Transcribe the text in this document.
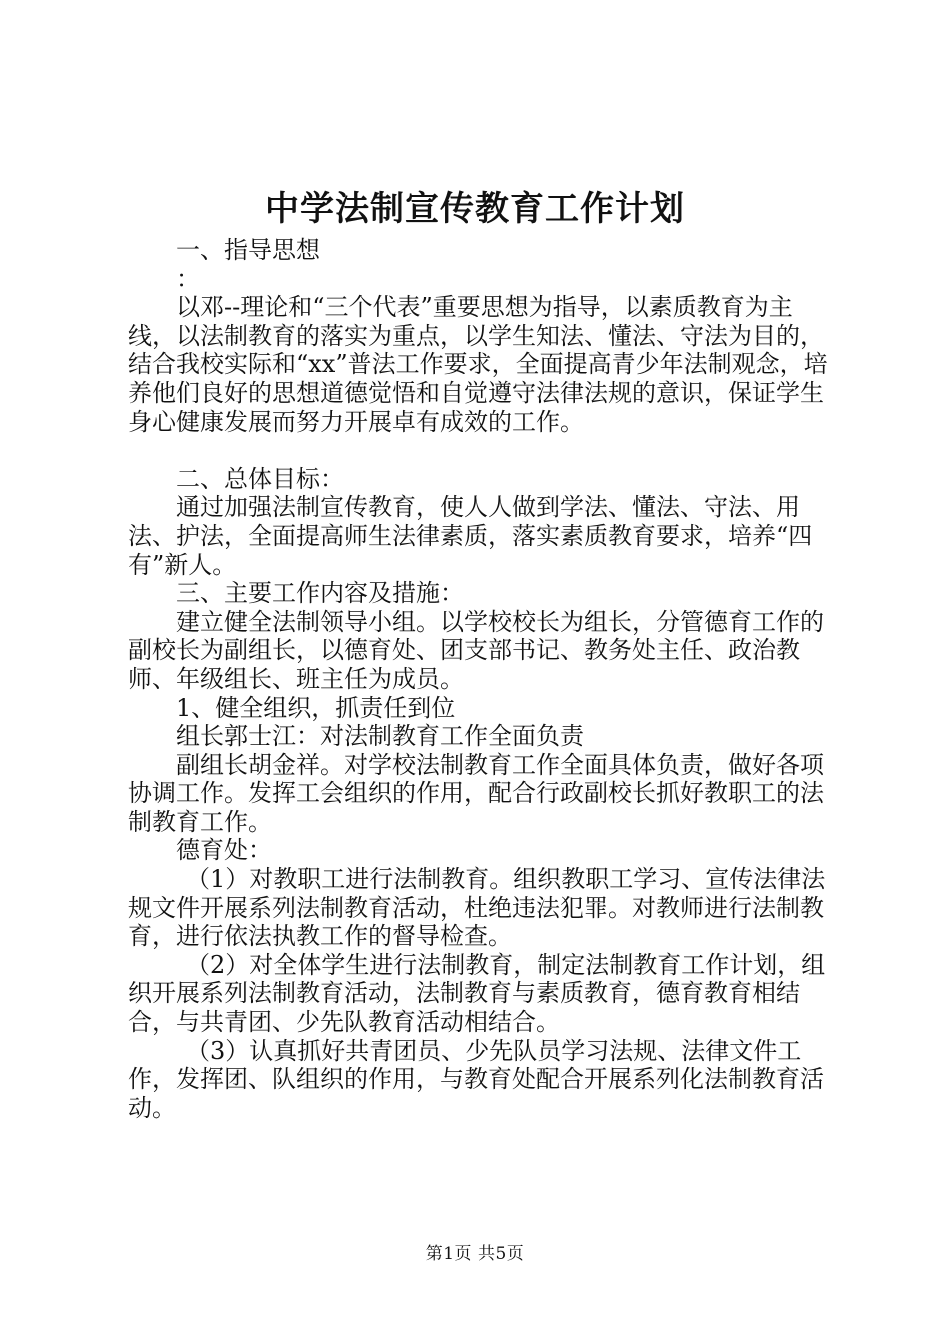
中学法制宣传教育工作计划

一、指导思想

：

以邓--理论和“三个代表”重要思想为指导，以素质教育为主线，以法制教育的落实为重点，以学生知法、懂法、守法为目的，结合我校实际和“xx”普法工作要求，全面提高青少年法制观念，培养他们良好的思想道德觉悟和自觉遵守法律法规的意识，保证学生身心健康发展而努力开展卓有成效的工作。

二、总体目标：

通过加强法制宣传教育，使人人做到学法、懂法、守法、用法、护法，全面提高师生法律素质，落实素质教育要求，培养“四有”新人。

三、主要工作内容及措施：

建立健全法制领导小组。以学校校长为组长，分管德育工作的副校长为副组长，以德育处、团支部书记、教务处主任、政治教师、年级组长、班主任为成员。

1、健全组织，抓责任到位

组长郭士江：对法制教育工作全面负责

副组长胡金祥。对学校法制教育工作全面具体负责，做好各项协调工作。发挥工会组织的作用，配合行政副校长抓好教职工的法制教育工作。

德育处：

（1）对教职工进行法制教育。组织教职工学习、宣传法律法规文件开展系列法制教育活动，杜绝违法犯罪。对教师进行法制教育，进行依法执教工作的督导检查。

（2）对全体学生进行法制教育，制定法制教育工作计划，组织开展系列法制教育活动，法制教育与素质教育，德育教育相结合，与共青团、少先队教育活动相结合。

（3）认真抓好共青团员、少先队员学习法规、法律文件工作，发挥团、队组织的作用，与教育处配合开展系列化法制教育活动。

第1页 共5页
